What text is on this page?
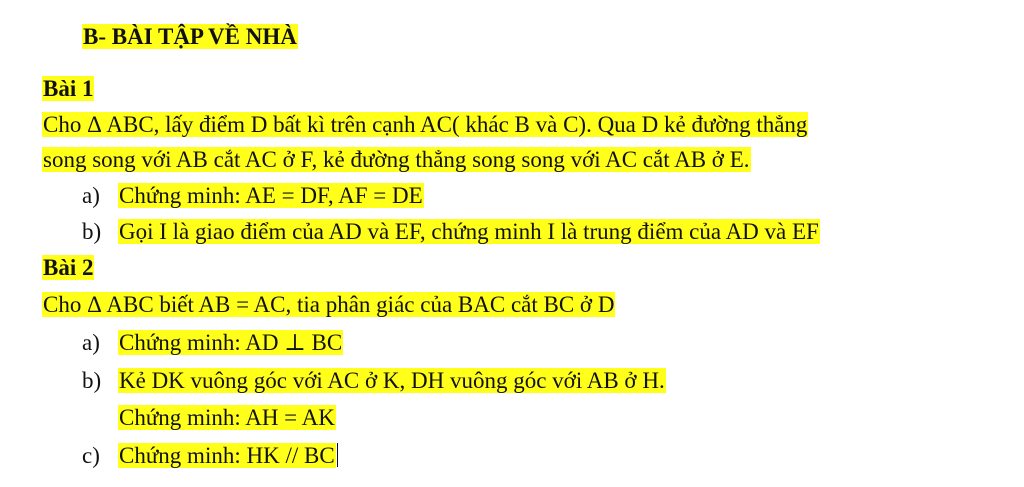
B- BÀI TẬP VỀ NHÀ
Bài 1
Cho Δ ABC, lấy điểm D bất kì trên cạnh AC( khác B và C). Qua D kẻ đường thẳng
song song với AB cắt AC ở F, kẻ đường thẳng song song với AC cắt AB ở E.
a) Chứng minh: AE = DF, AF = DE
b) Gọi I là giao điểm của AD và EF, chứng minh I là trung điểm của AD và EF
Bài 2
Cho Δ ABC biết AB = AC, tia phân giác của BAC cắt BC ở D
a) Chứng minh: AD ⊥ BC
b) Kẻ DK vuông góc với AC ở K, DH vuông góc với AB ở H.
Chứng minh: AH = AK
c) Chứng minh: HK // BC
